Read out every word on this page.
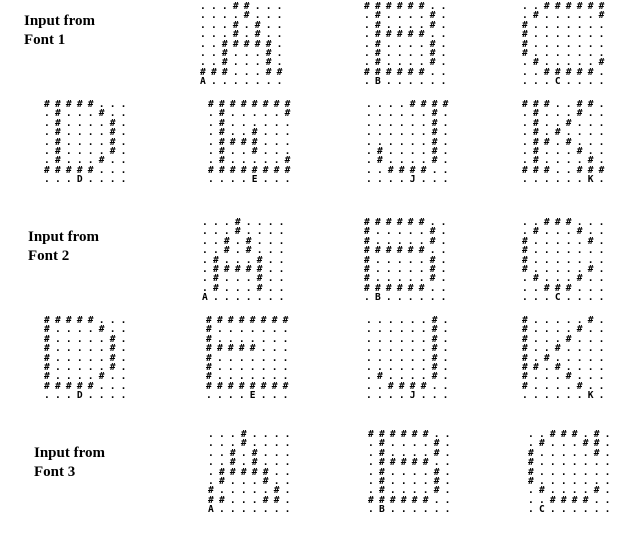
Input from
Font 1
Input from
Font 2
Input from
Font 3
. . . # # . . .
. . . . # . . .
. . . # . # . .
. . . # . # . .
. . # # # # # .
. . # . . . # .
. . # . . . # .
# # # . . . # #
A . . . . . . .
# # # # # # . .
. # . . . . # .
. # . . . . # .
. # # # # # . .
. # . . . . # .
. # . . . . # .
. # . . . . # .
# # # # # # . .
. B . . . . . .
. . # # # # # #
. # . . . . . #
# . . . . . . .
# . . . . . . .
# . . . . . . .
# . . . . . . .
. # . . . . . #
. . # # # # # .
. . . C . . . .
# # # # # . . .
. # . . . # . .
. # . . . . # .
. # . . . . # .
. # . . . . # .
. # . . . . # .
. # . . . # . .
# # # # # . . .
. . . D . . . .
# # # # # # # #
. # . . . . . #
. # . . . . . .
. # . . # . . .
. # # # # . . .
. # . . # . . .
. # . . . . . #
# # # # # # # #
. . . . E . . .
. . . . # # # #
. . . . . . # .
. . . . . . # .
. . . . . . # .
. . . . . . # .
. # . . . . # .
. # . . . . # .
. . # # # # . .
. . . . J . . .
# # # . . # # .
. # . . . # . .
. # . . # . . .
. # . # . . . .
. # # . # . . .
. # . . . # . .
. # . . . . # .
# # # . . # # #
. . . . . . K .
. . . # . . . .
. . . # . . . .
. . # . # . . .
. . # . # . . .
. # . . . # . .
. # # # # # . .
. # . . . # . .
. # . . . # . .
A . . . . . . .
# # # # # # . .
# . . . . . # .
# . . . . . # .
# # # # # # . .
# . . . . . # .
# . . . . . # .
# . . . . . # .
# # # # # # . .
. B . . . . . .
. . # # # . . .
. # . . . # . .
# . . . . . # .
# . . . . . . .
# . . . . . . .
# . . . . . # .
. # . . . # . .
. . # # # . . .
. . . C . . . .
# # # # # . . .
# . . . . # . .
# . . . . . # .
# . . . . . # .
# . . . . . # .
# . . . . . # .
# . . . . # . .
# # # # # . . .
. . . D . . . .
# # # # # # # #
# . . . . . . .
# . . . . . . .
# # # # # . . .
# . . . . . . .
# . . . . . . .
# . . . . . . .
# # # # # # # #
. . . . E . . .
. . . . . . # .
. . . . . . # .
. . . . . . # .
. . . . . . # .
. . . . . . # .
. . . . . . # .
. # . . . . # .
. . # # # # . .
. . . . J . . .
# . . . . . # .
# . . . . # . .
# . . . # . . .
# . . # . . . .
# . # . . . . .
# # . # . . . .
# . . . # . . .
# . . . . # . .
. . . . . . K .
. . . # . . . .
. . . # . . . .
. . # . # . . .
. . # . # . . .
. # # # # # . .
. # . . . # . .
# . . . . . # .
# # . . . # # .
A . . . . . . .
# # # # # # . .
. # . . . . # .
. # . . . . # .
. # # # # # . .
. # . . . . # .
. # . . . . # .
. # . . . . # .
# # # # # # . .
. B . . . . . .
. . # # # . # .
. # . . . # # .
# . . . . . # .
# . . . . . . .
# . . . . . . .
# . . . . . . .
. # . . . . # .
. . # # # # . .
. C . . . . . .
